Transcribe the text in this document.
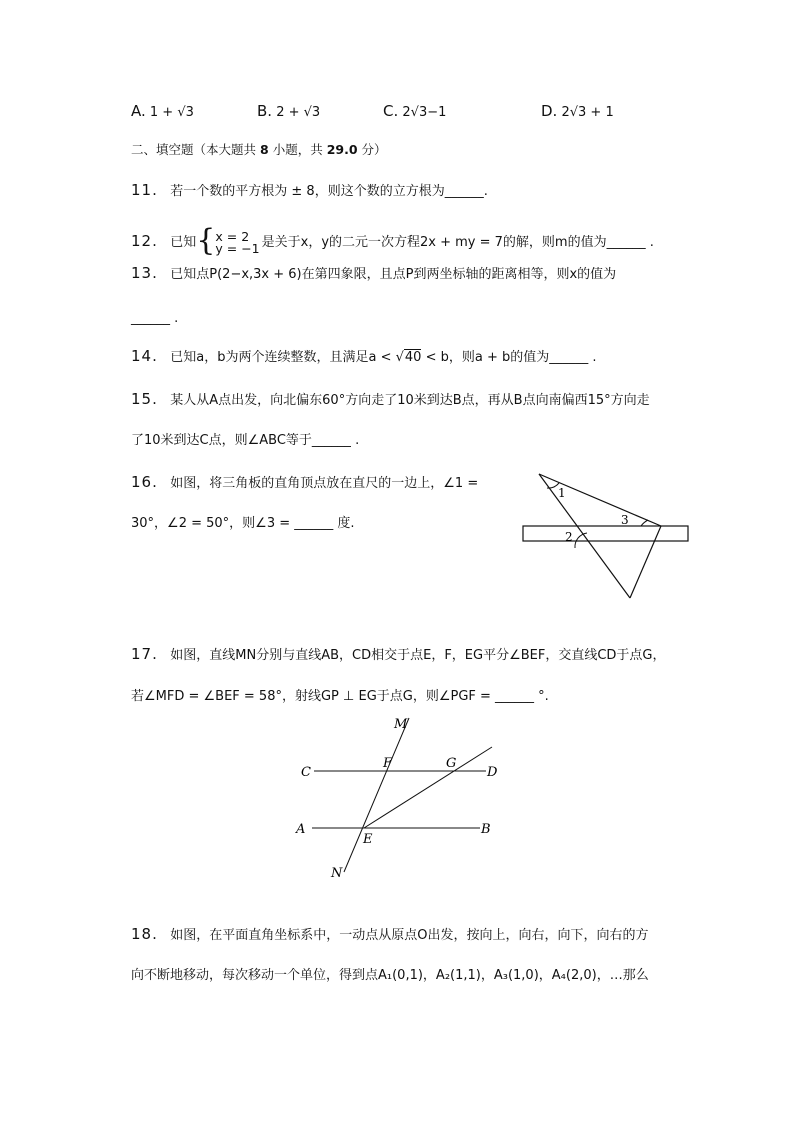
A. 1 + √3	B. 2 + √3	C. 2√3−1	D. 2√3 + 1
二、填空题（本大题共 8 小题，共 29.0 分）
11. 若一个数的平方根为 ± 8，则这个数的立方根为______.
12. 已知{x = 2
y = −1 是关于x，y的二元一次方程2x + my = 7的解，则m的值为______ .
13. 已知点P(2−x,3x + 6)在第四象限，且点P到两坐标轴的距离相等，则x的值为
______ .
14. 已知a，b为两个连续整数，且满足a < √40 < b，则a + b的值为______ .
15. 某人从A点出发，向北偏东60°方向走了10米到达B点，再从B点向南偏西15°方向走
了10米到达C点，则∠ABC等于______ .
16. 如图，将三角板的直角顶点放在直尺的一边上，∠1 =
30°，∠2 = 50°，则∠3 = ______ 度.
1
2
3
17. 如图，直线MN分别与直线AB，CD相交于点E，F，EG平分∠BEF，交直线CD于点G，
若∠MFD = ∠BEF = 58°，射线GP ⊥ EG于点G，则∠PGF = ______ °.
M
F	G
C	D
A
E
B
N
18. 如图，在平面直角坐标系中，一动点从原点O出发，按向上，向右，向下，向右的方
向不断地移动，每次移动一个单位，得到点A₁(0,1)，A₂(1,1)，A₃(1,0)，A₄(2,0)，…那么
